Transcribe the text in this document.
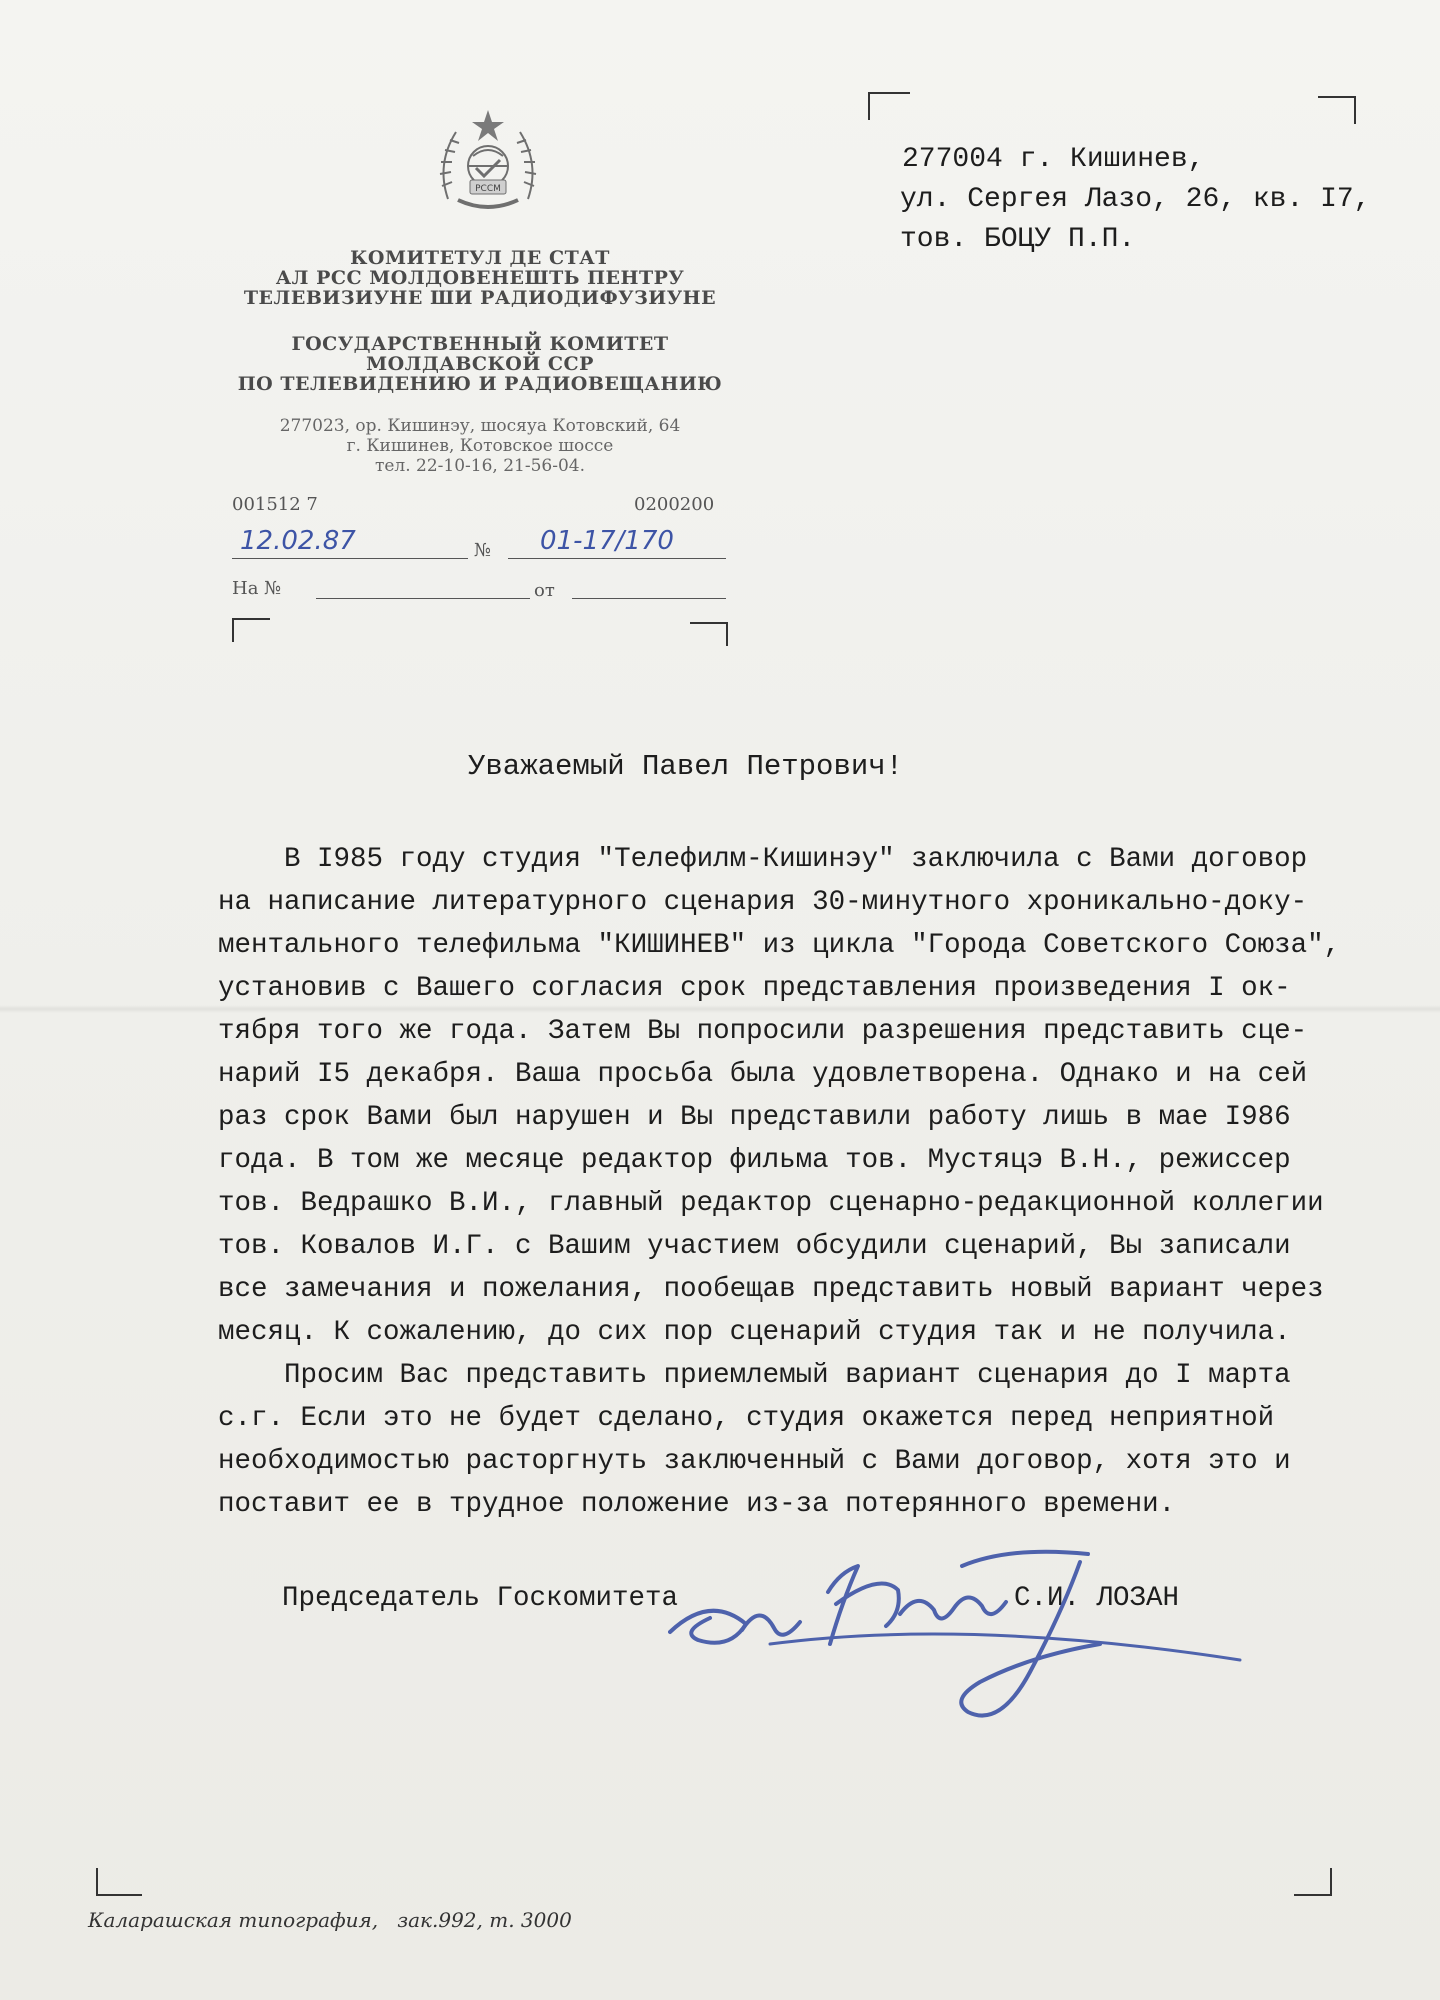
РССМ
КОМИТЕТУЛ ДЕ СТАТ
АЛ РСС МОЛДОВЕНЕШТЬ ПЕНТРУ
ТЕЛЕВИЗИУНЕ ШИ РАДИОДИФУЗИУНЕ
ГОСУДАРСТВЕННЫЙ КОМИТЕТ
МОЛДАВСКОЙ ССР
ПО ТЕЛЕВИДЕНИЮ И РАДИОВЕЩАНИЮ
277023, ор. Кишинэу, шосяуа Котовский, 64
г. Кишинев, Котовское шоссе
тел. 22-10-16, 21-56-04.
001512 7	0200200
12.02.87	№ 01-17/170
На №	от
277004 г. Кишинев,
ул. Сергея Лазо, 26, кв. I7,
тов. БОЦУ П.П.
Уважаемый Павел Петрович!
В I985 году студия "Телефилм-Кишинэу" заключила с Вами договор
на написание литературного сценария 30-минутного хроникально-доку-
ментального телефильма "КИШИНЕВ" из цикла "Города Советского Союза",
установив с Вашего согласия срок представления произведения I ок-
тября того же года. Затем Вы попросили разрешения представить сце-
нарий I5 декабря. Ваша просьба была удовлетворена. Однако и на сей
раз срок Вами был нарушен и Вы представили работу лишь в мае I986
года. В том же месяце редактор фильма тов. Мустяцэ В.Н., режиссер
тов. Ведрашко В.И., главный редактор сценарно-редакционной коллегии
тов. Ковалов И.Г. с Вашим участием обсудили сценарий, Вы записали
все замечания и пожелания, пообещав представить новый вариант через
месяц. К сожалению, до сих пор сценарий студия так и не получила.
Просим Вас представить приемлемый вариант сценария до I марта
с.г. Если это не будет сделано, студия окажется перед неприятной
необходимостью расторгнуть заключенный с Вами договор, хотя это и
поставит ее в трудное положение из-за потерянного времени.
Председатель Госкомитета	С.И. ЛОЗАН
Каларашская типография,   зак.992, т. 3000
